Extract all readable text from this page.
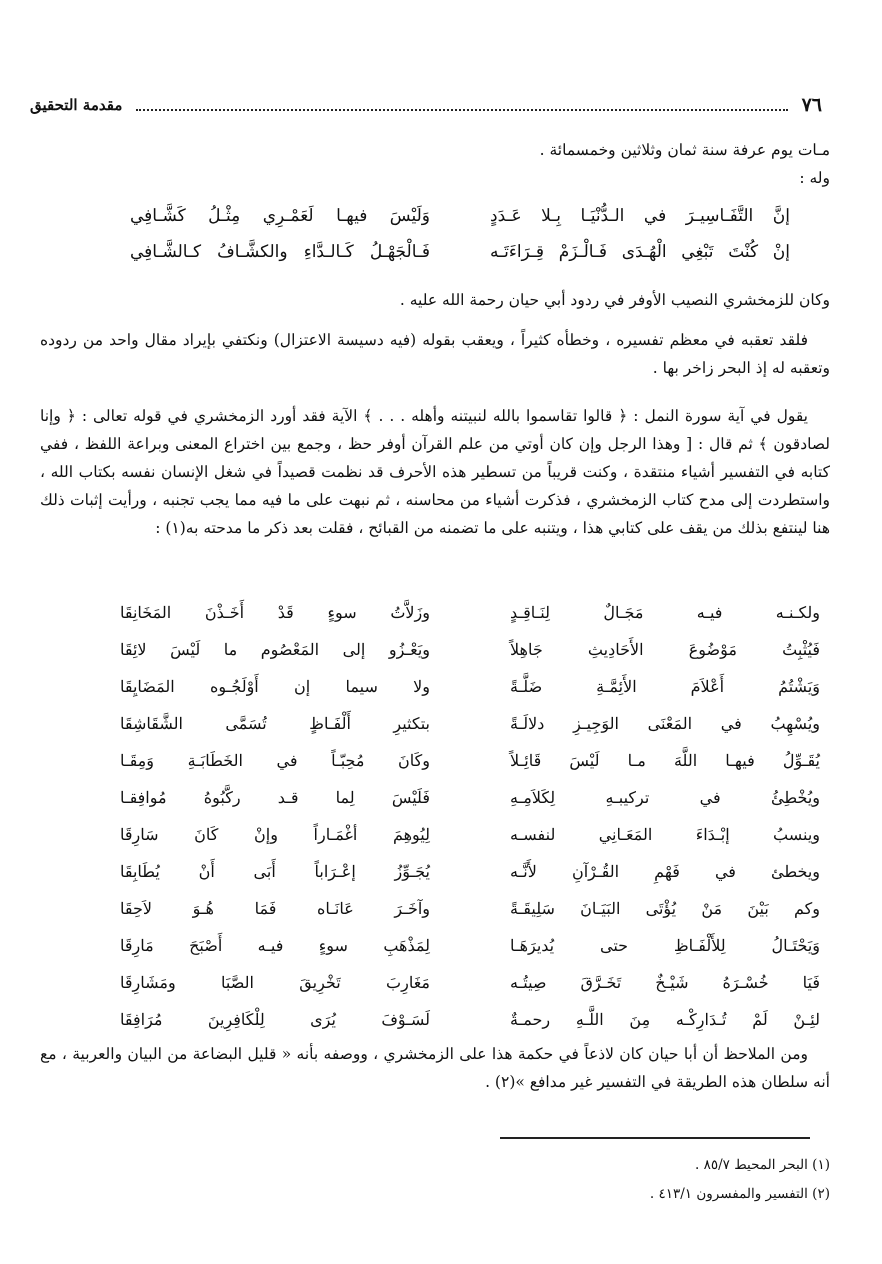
٧٦
مقدمة التحقيق

مـات يوم عرفة سنة ثمان وثلاثين وخمسمائة .

وله :

إنَّ التَّفَـاسِيـرَ في الـدُّنْيَـا بِـلا عَـدَدٍ
وَلَيْسَ فيهـا لَعَمْـرِي مِثْـلُ كَشَّـافِي
إنْ كُنْتَ تَبْغِي الْهُـدَى فَـالْـزَمْ قِـرَاءَتَـه
فَـالْجَهْـلُ كَـالـدَّاءِ والكشَّـافُ كـالشَّـافِي

وكان للزمخشري النصيب الأوفر في ردود أبي حيان رحمة الله عليه .

فلقد تعقبه في معظم تفسيره ، وخطأه كثيراً ، ويعقب بقوله (فيه دسيسة الاعتزال) ونكتفي بإيراد مقال واحد من ردوده وتعقبه له إذ البحر زاخر بها .

يقول في آية سورة النمل : ﴿ قالوا تقاسموا بالله لنبيتنه وأهله . . . ﴾ الآية فقد أورد الزمخشري في قوله تعالى : ﴿ وإنا لصادقون ﴾ ثم قال : [ وهذا الرجل وإن كان أوتي من علم القرآن أوفر حظ ، وجمع بين اختراع المعنى وبراعة اللفظ ، ففي كتابه في التفسير أشياء منتقدة ، وكنت قريباً من تسطير هذه الأحرف قد نظمت قصيداً في شغل الإنسان نفسه بكتاب الله ، واستطردت إلى مدح كتاب الزمخشري ، فذكرت أشياء من محاسنه ، ثم نبهت على ما فيه مما يجب تجنبه ، ورأيت إثبات ذلك هنا لينتفع بذلك من يقف على كتابي هذا ، ويتنبه على ما تضمنه من القبائح ، فقلت بعد ذكر ما مدحته به(١) :

ولكـنـه فيـه مَجَـالٌ لِنَـاقِـدٍ
وزَلاَّتُ سوءٍ قَدْ أَخَـذْنَ المَخَانِقَا
فَيُثْبِتُ مَوْضُوعَ الأَحَادِيثِ جَاهِلاً
ويَعْـزُو إلى المَعْصُوم ما لَيْسَ لائِقَا
وَيَشْتُمُ أَعْلاَمَ الأَئِمَّـةِ ضَلَّـةً
ولا سيما إن أَوْلَجُـوه المَضَايِقَا
ويُسْهِبُ في المَعْنَى الوَجِيـزِ دلالَـةً
بتكثيرِ أَلْفَـاظٍ تُسَمَّى الشَّقَاشِقَا
يُقَـوِّلُ فيهـا اللَّهَ مـا لَيْسَ قَائِـلاً
وكَانَ مُحِبّـاً في الخَطَابَـةِ وَمِقَـا
ويُخْطِئُ في تركيبـهِ لِكَلاَمِـهِ
فَلَيْسَ لِما قـد ركَّبُوهُ مُوافِقـا
وينسبُ إبْـدَاءَ المَعَـانِي لنفسـه
لِيُوهِمَ أغْمَـاراً وإنْ كَانَ سَارِقَا
ويخطئ في فَهْمِ القُـرْآنِ لأَنَّـه
يُجَـوِّزُ إعْـرَاباً أَبَى أَنْ يُطَابِقَا
وكم بَيْنَ مَنْ يُؤْتَى البَيَـانَ سَلِيقَـةً
وآخَـرَ عَانَـاه فَمَا هُـوَ لاَحِقَا
وَيَحْتَـالُ لِلأَلْفَـاظِ حتى يُديرَهَـا
لِمَذْهَبِ سوءٍ فيـه أَصْبَحَ مَارِقَا
فَيَا خُسْـرَهُ شَيْـخٌ تَخَـرَّقَ صِيتُـه
مَغَارِبَ تَخْرِيقَ الصَّبَا ومَشَارِقَا
لئِـنْ لَمْ تُـدَارِكْـه مِنَ اللَّـهِ رحمـةٌ
لَسَـوْفَ يُرَى لِلْكَافِرِينَ مُرَافِقَا

ومن الملاحظ أن أبا حيان كان لاذعاً في حكمة هذا على الزمخشري ، ووصفه بأنه « قليل البضاعة من البيان والعربية ، مع أنه سلطان هذه الطريقة في التفسير غير مدافع »(٢) .

(١) البحر المحيط ٨٥/٧ .
(٢) التفسير والمفسرون ٤١٣/١ .
